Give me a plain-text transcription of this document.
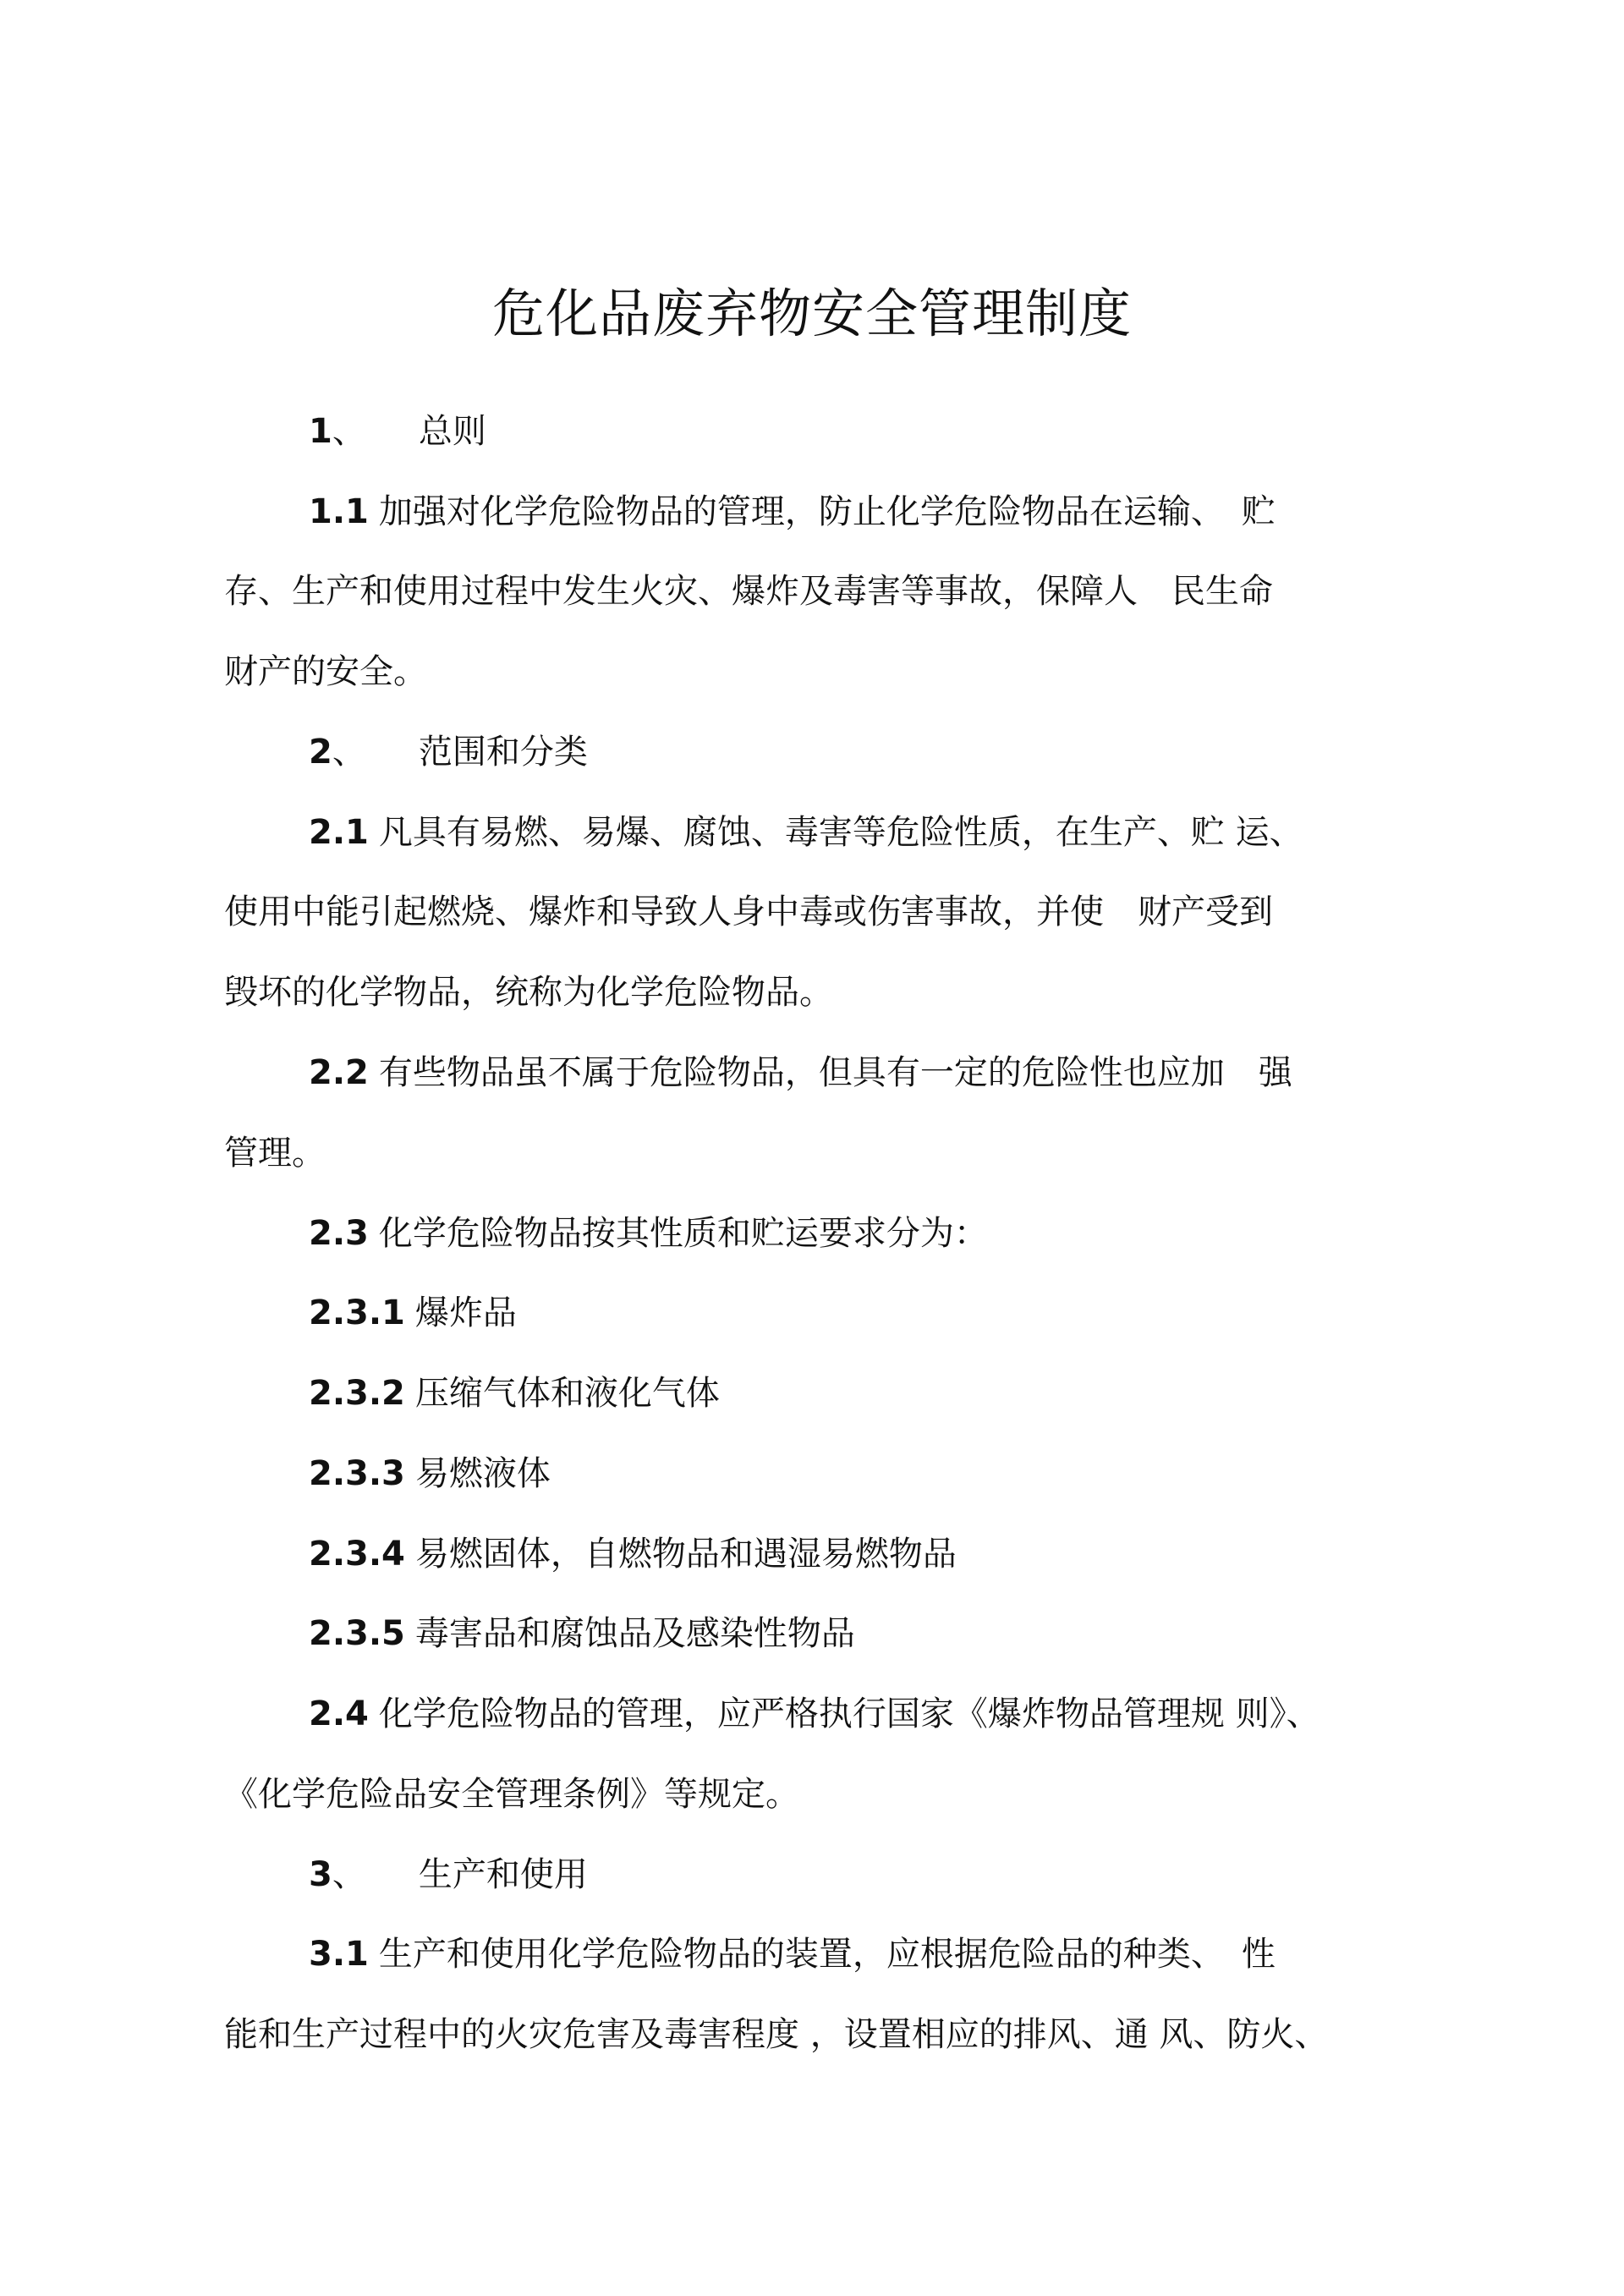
危化品废弃物安全管理制度
1、 总则
1.1 加强对化学危险物品的管理，防止化学危险物品在运输、　贮
存、生产和使用过程中发生火灾、爆炸及毒害等事故，保障人　民生命
财产的安全。
2、 范围和分类
2.1 凡具有易燃、易爆、腐蚀、毒害等危险性质，在生产、贮 运、
使用中能引起燃烧、爆炸和导致人身中毒或伤害事故，并使　财产受到
毁坏的化学物品，统称为化学危险物品。
2.2 有些物品虽不属于危险物品，但具有一定的危险性也应加　强
管理。
2.3 化学危险物品按其性质和贮运要求分为：
2.3.1 爆炸品
2.3.2 压缩气体和液化气体
2.3.3 易燃液体
2.3.4 易燃固体，自燃物品和遇湿易燃物品
2.3.5 毒害品和腐蚀品及感染性物品
2.4 化学危险物品的管理，应严格执行国家《爆炸物品管理规 则》、
《化学危险品安全管理条例》等规定。
3、 生产和使用
3.1 生产和使用化学危险物品的装置，应根据危险品的种类、　性
能和生产过程中的火灾危害及毒害程度 ，设置相应的排风、通 风、防火、
